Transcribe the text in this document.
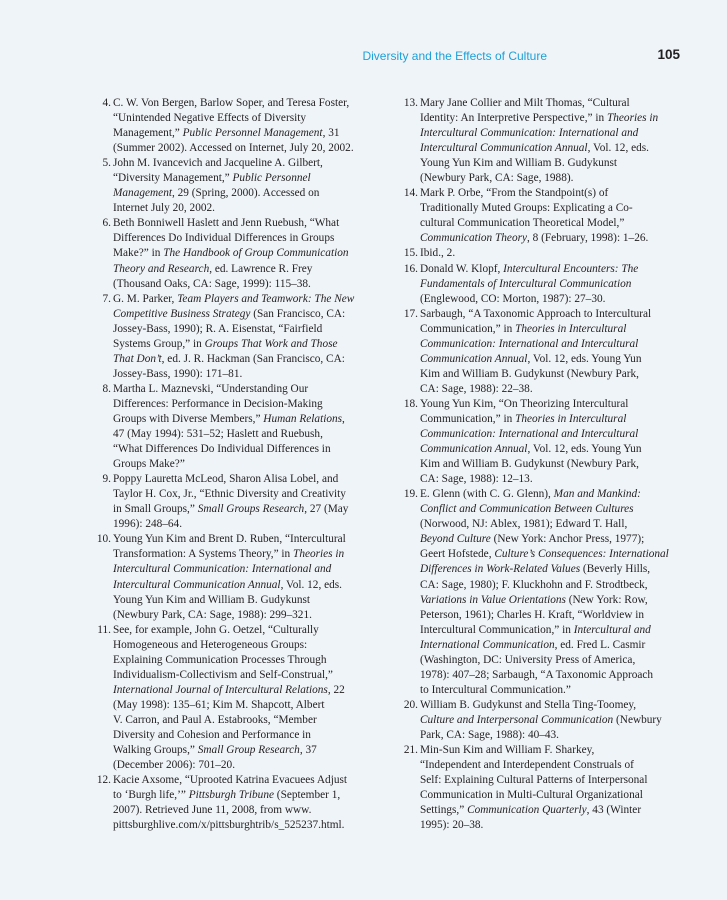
Diversity and the Effects of Culture	105
4. C. W. Von Bergen, Barlow Soper, and Teresa Foster,
“Unintended Negative Effects of Diversity
Management,” Public Personnel Management, 31
(Summer 2002). Accessed on Internet, July 20, 2002.
5. John M. Ivancevich and Jacqueline A. Gilbert,
“Diversity Management,” Public Personnel
Management, 29 (Spring, 2000). Accessed on
Internet July 20, 2002.
6. Beth Bonniwell Haslett and Jenn Ruebush, “What
Differences Do Individual Differences in Groups
Make?” in The Handbook of Group Communication
Theory and Research, ed. Lawrence R. Frey
(Thousand Oaks, CA: Sage, 1999): 115–38.
7. G. M. Parker, Team Players and Teamwork: The New
Competitive Business Strategy (San Francisco, CA:
Jossey-Bass, 1990); R. A. Eisenstat, “Fairfield
Systems Group,” in Groups That Work and Those
That Don’t, ed. J. R. Hackman (San Francisco, CA:
Jossey-Bass, 1990): 171–81.
8. Martha L. Maznevski, “Understanding Our
Differences: Performance in Decision-Making
Groups with Diverse Members,” Human Relations,
47 (May 1994): 531–52; Haslett and Ruebush,
“What Differences Do Individual Differences in
Groups Make?”
9. Poppy Lauretta McLeod, Sharon Alisa Lobel, and
Taylor H. Cox, Jr., “Ethnic Diversity and Creativity
in Small Groups,” Small Groups Research, 27 (May
1996): 248–64.
10. Young Yun Kim and Brent D. Ruben, “Intercultural
Transformation: A Systems Theory,” in Theories in
Intercultural Communication: International and
Intercultural Communication Annual, Vol. 12, eds.
Young Yun Kim and William B. Gudykunst
(Newbury Park, CA: Sage, 1988): 299–321.
11. See, for example, John G. Oetzel, “Culturally
Homogeneous and Heterogeneous Groups:
Explaining Communication Processes Through
Individualism-Collectivism and Self-Construal,”
International Journal of Intercultural Relations, 22
(May 1998): 135–61; Kim M. Shapcott, Albert
V. Carron, and Paul A. Estabrooks, “Member
Diversity and Cohesion and Performance in
Walking Groups,” Small Group Research, 37
(December 2006): 701–20.
12. Kacie Axsome, “Uprooted Katrina Evacuees Adjust
to ‘Burgh life,’” Pittsburgh Tribune (September 1,
2007). Retrieved June 11, 2008, from www.
pittsburghlive.com/x/pittsburghtrib/s_525237.html.
13. Mary Jane Collier and Milt Thomas, “Cultural
Identity: An Interpretive Perspective,” in Theories in
Intercultural Communication: International and
Intercultural Communication Annual, Vol. 12, eds.
Young Yun Kim and William B. Gudykunst
(Newbury Park, CA: Sage, 1988).
14. Mark P. Orbe, “From the Standpoint(s) of
Traditionally Muted Groups: Explicating a Co-
cultural Communication Theoretical Model,”
Communication Theory, 8 (February, 1998): 1–26.
15. Ibid., 2.
16. Donald W. Klopf, Intercultural Encounters: The
Fundamentals of Intercultural Communication
(Englewood, CO: Morton, 1987): 27–30.
17. Sarbaugh, “A Taxonomic Approach to Intercultural
Communication,” in Theories in Intercultural
Communication: International and Intercultural
Communication Annual, Vol. 12, eds. Young Yun
Kim and William B. Gudykunst (Newbury Park,
CA: Sage, 1988): 22–38.
18. Young Yun Kim, “On Theorizing Intercultural
Communication,” in Theories in Intercultural
Communication: International and Intercultural
Communication Annual, Vol. 12, eds. Young Yun
Kim and William B. Gudykunst (Newbury Park,
CA: Sage, 1988): 12–13.
19. E. Glenn (with C. G. Glenn), Man and Mankind:
Conflict and Communication Between Cultures
(Norwood, NJ: Ablex, 1981); Edward T. Hall,
Beyond Culture (New York: Anchor Press, 1977);
Geert Hofstede, Culture’s Consequences: International
Differences in Work-Related Values (Beverly Hills,
CA: Sage, 1980); F. Kluckhohn and F. Strodtbeck,
Variations in Value Orientations (New York: Row,
Peterson, 1961); Charles H. Kraft, “Worldview in
Intercultural Communication,” in Intercultural and
International Communication, ed. Fred L. Casmir
(Washington, DC: University Press of America,
1978): 407–28; Sarbaugh, “A Taxonomic Approach
to Intercultural Communication.”
20. William B. Gudykunst and Stella Ting-Toomey,
Culture and Interpersonal Communication (Newbury
Park, CA: Sage, 1988): 40–43.
21. Min-Sun Kim and William F. Sharkey,
“Independent and Interdependent Construals of
Self: Explaining Cultural Patterns of Interpersonal
Communication in Multi-Cultural Organizational
Settings,” Communication Quarterly, 43 (Winter
1995): 20–38.
